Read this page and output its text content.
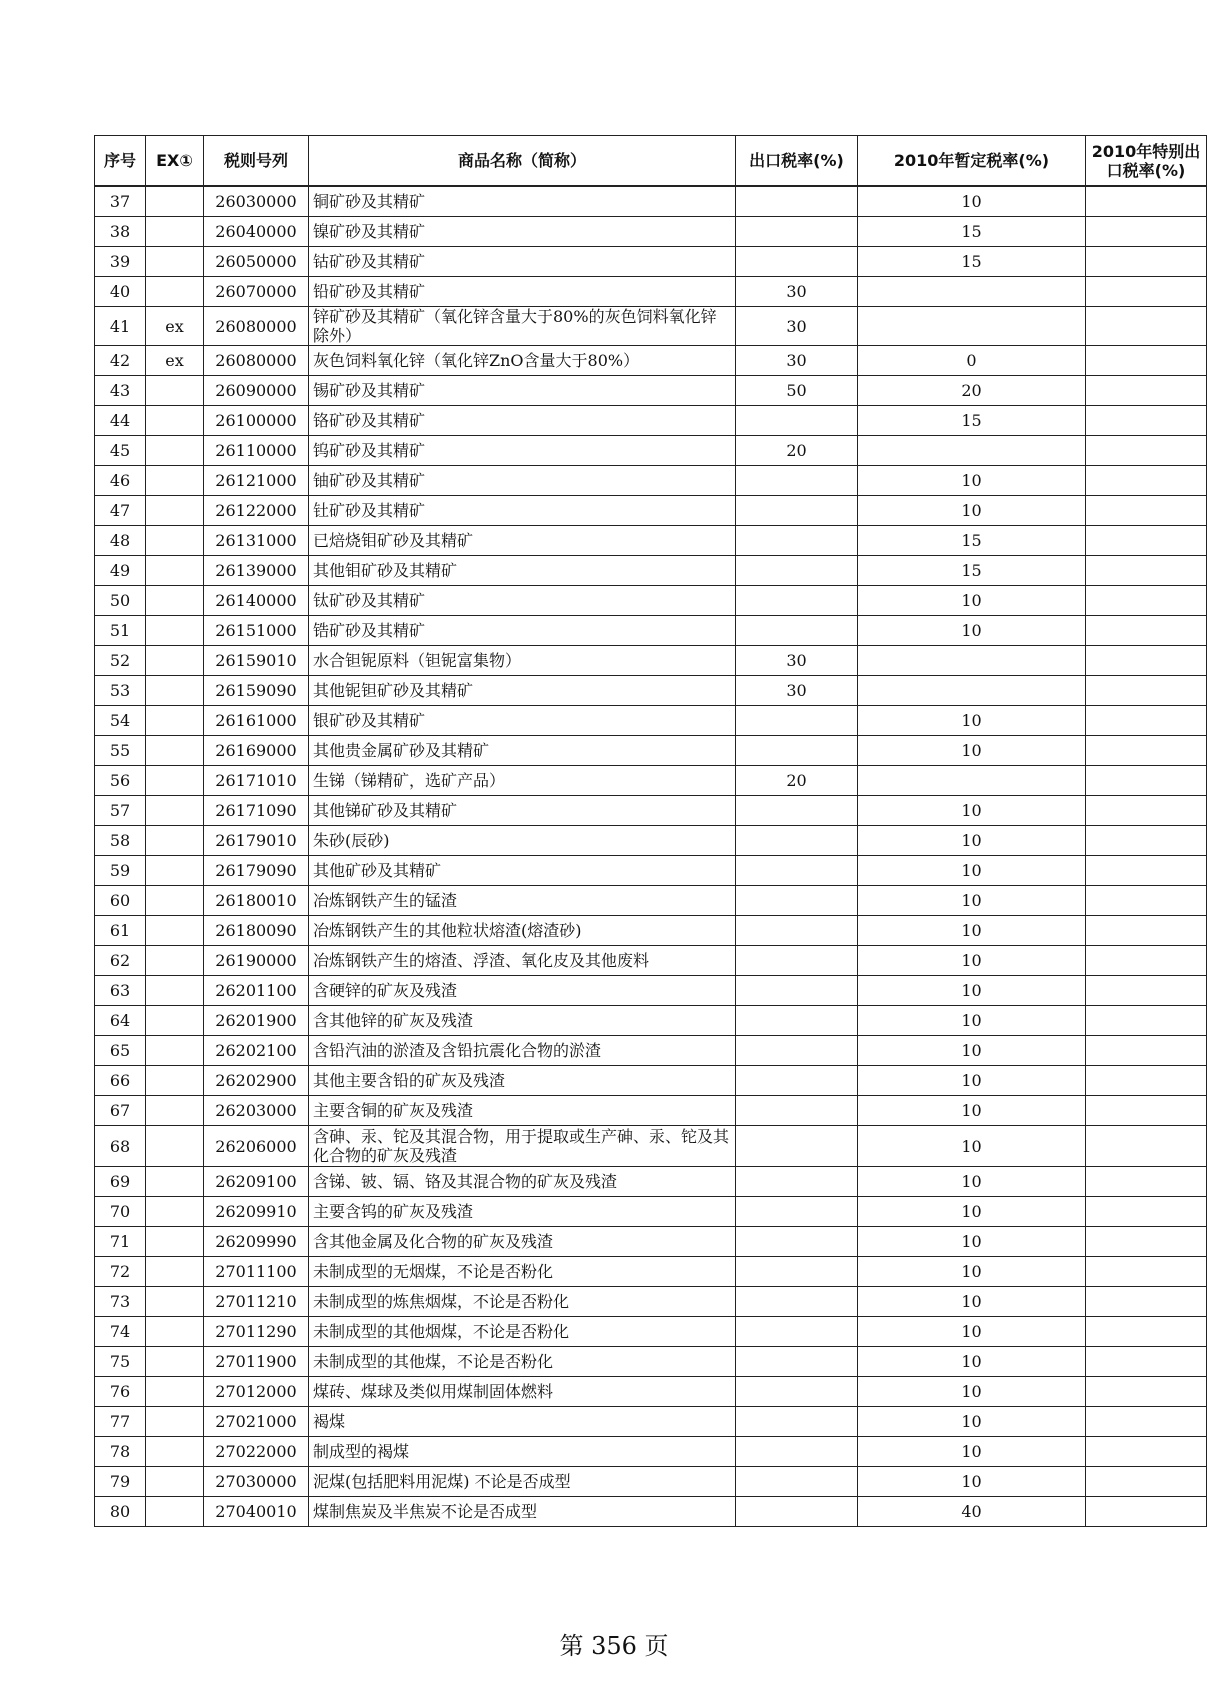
序号	EX①	税则号列	商品名称（简称）	出口税率(%)	2010年暂定税率(%)	2010年特别出口税率(%)
37		26030000	铜矿砂及其精矿		10	
38		26040000	镍矿砂及其精矿		15	
39		26050000	钴矿砂及其精矿		15	
40		26070000	铅矿砂及其精矿	30		
41	ex	26080000	锌矿砂及其精矿（氧化锌含量大于80%的灰色饲料氧化锌除外）	30		
42	ex	26080000	灰色饲料氧化锌（氧化锌ZnO含量大于80%）	30	0	
43		26090000	锡矿砂及其精矿	50	20	
44		26100000	铬矿砂及其精矿		15	
45		26110000	钨矿砂及其精矿	20		
46		26121000	铀矿砂及其精矿		10	
47		26122000	钍矿砂及其精矿		10	
48		26131000	已焙烧钼矿砂及其精矿		15	
49		26139000	其他钼矿砂及其精矿		15	
50		26140000	钛矿砂及其精矿		10	
51		26151000	锆矿砂及其精矿		10	
52		26159010	水合钽铌原料（钽铌富集物）	30		
53		26159090	其他铌钽矿砂及其精矿	30		
54		26161000	银矿砂及其精矿		10	
55		26169000	其他贵金属矿砂及其精矿		10	
56		26171010	生锑（锑精矿，选矿产品）	20		
57		26171090	其他锑矿砂及其精矿		10	
58		26179010	朱砂(辰砂)		10	
59		26179090	其他矿砂及其精矿		10	
60		26180010	冶炼钢铁产生的锰渣		10	
61		26180090	冶炼钢铁产生的其他粒状熔渣(熔渣砂)		10	
62		26190000	冶炼钢铁产生的熔渣、浮渣、氧化皮及其他废料		10	
63		26201100	含硬锌的矿灰及残渣		10	
64		26201900	含其他锌的矿灰及残渣		10	
65		26202100	含铅汽油的淤渣及含铅抗震化合物的淤渣		10	
66		26202900	其他主要含铅的矿灰及残渣		10	
67		26203000	主要含铜的矿灰及残渣		10	
68		26206000	含砷、汞、铊及其混合物，用于提取或生产砷、汞、铊及其化合物的矿灰及残渣		10	
69		26209100	含锑、铍、镉、铬及其混合物的矿灰及残渣		10	
70		26209910	主要含钨的矿灰及残渣		10	
71		26209990	含其他金属及化合物的矿灰及残渣		10	
72		27011100	未制成型的无烟煤，不论是否粉化		10	
73		27011210	未制成型的炼焦烟煤，不论是否粉化		10	
74		27011290	未制成型的其他烟煤，不论是否粉化		10	
75		27011900	未制成型的其他煤，不论是否粉化		10	
76		27012000	煤砖、煤球及类似用煤制固体燃料		10	
77		27021000	褐煤		10	
78		27022000	制成型的褐煤		10	
79		27030000	泥煤(包括肥料用泥煤) 不论是否成型		10	
80		27040010	煤制焦炭及半焦炭不论是否成型		40	
第 356 页
